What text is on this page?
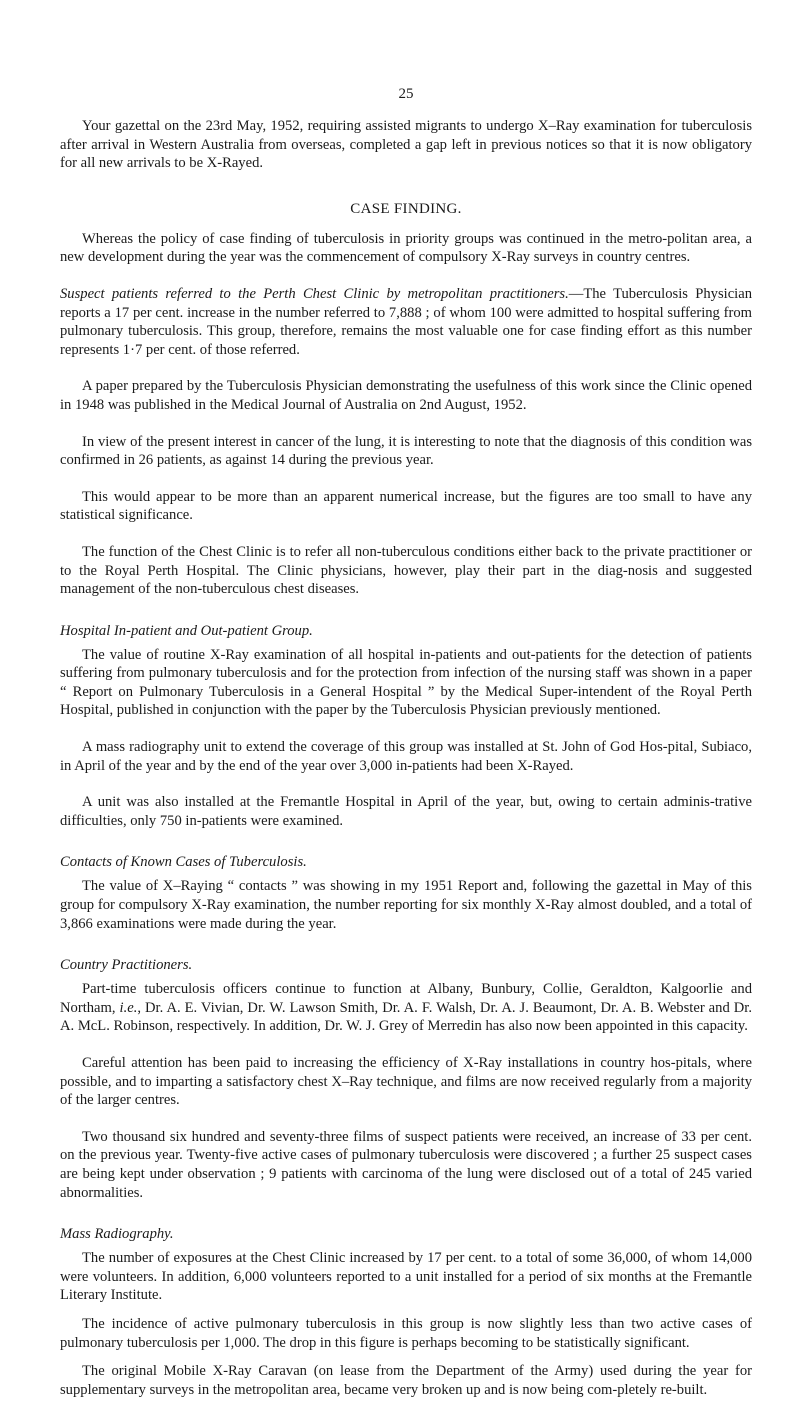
25

Your gazettal on the 23rd May, 1952, requiring assisted migrants to undergo X–Ray examination for tuberculosis after arrival in Western Australia from overseas, completed a gap left in previous notices so that it is now obligatory for all new arrivals to be X-Rayed.

CASE FINDING.

Whereas the policy of case finding of tuberculosis in priority groups was continued in the metro-politan area, a new development during the year was the commencement of compulsory X-Ray surveys in country centres.

Suspect patients referred to the Perth Chest Clinic by metropolitan practitioners.—The Tuberculosis Physician reports a 17 per cent. increase in the number referred to 7,888 ; of whom 100 were admitted to hospital suffering from pulmonary tuberculosis. This group, therefore, remains the most valuable one for case finding effort as this number represents 1·7 per cent. of those referred.

A paper prepared by the Tuberculosis Physician demonstrating the usefulness of this work since the Clinic opened in 1948 was published in the Medical Journal of Australia on 2nd August, 1952.

In view of the present interest in cancer of the lung, it is interesting to note that the diagnosis of this condition was confirmed in 26 patients, as against 14 during the previous year.

This would appear to be more than an apparent numerical increase, but the figures are too small to have any statistical significance.

The function of the Chest Clinic is to refer all non-tuberculous conditions either back to the private practitioner or to the Royal Perth Hospital. The Clinic physicians, however, play their part in the diag-nosis and suggested management of the non-tuberculous chest diseases.

Hospital In-patient and Out-patient Group.

The value of routine X-Ray examination of all hospital in-patients and out-patients for the detection of patients suffering from pulmonary tuberculosis and for the protection from infection of the nursing staff was shown in a paper “ Report on Pulmonary Tuberculosis in a General Hospital ” by the Medical Super-intendent of the Royal Perth Hospital, published in conjunction with the paper by the Tuberculosis Physician previously mentioned.

A mass radiography unit to extend the coverage of this group was installed at St. John of God Hos-pital, Subiaco, in April of the year and by the end of the year over 3,000 in-patients had been X-Rayed.

A unit was also installed at the Fremantle Hospital in April of the year, but, owing to certain adminis-trative difficulties, only 750 in-patients were examined.

Contacts of Known Cases of Tuberculosis.

The value of X–Raying “ contacts ” was showing in my 1951 Report and, following the gazettal in May of this group for compulsory X-Ray examination, the number reporting for six monthly X-Ray almost doubled, and a total of 3,866 examinations were made during the year.

Country Practitioners.

Part-time tuberculosis officers continue to function at Albany, Bunbury, Collie, Geraldton, Kalgoorlie and Northam, i.e., Dr. A. E. Vivian, Dr. W. Lawson Smith, Dr. A. F. Walsh, Dr. A. J. Beaumont, Dr. A. B. Webster and Dr. A. McL. Robinson, respectively. In addition, Dr. W. J. Grey of Merredin has also now been appointed in this capacity.

Careful attention has been paid to increasing the efficiency of X-Ray installations in country hos-pitals, where possible, and to imparting a satisfactory chest X–Ray technique, and films are now received regularly from a majority of the larger centres.

Two thousand six hundred and seventy-three films of suspect patients were received, an increase of 33 per cent. on the previous year. Twenty-five active cases of pulmonary tuberculosis were discovered ; a further 25 suspect cases are being kept under observation ; 9 patients with carcinoma of the lung were disclosed out of a total of 245 varied abnormalities.

Mass Radiography.

The number of exposures at the Chest Clinic increased by 17 per cent. to a total of some 36,000, of whom 14,000 were volunteers. In addition, 6,000 volunteers reported to a unit installed for a period of six months at the Fremantle Literary Institute.

The incidence of active pulmonary tuberculosis in this group is now slightly less than two active cases of pulmonary tuberculosis per 1,000. The drop in this figure is perhaps becoming to be statistically significant.

The original Mobile X-Ray Caravan (on lease from the Department of the Army) used during the year for supplementary surveys in the metropolitan area, became very broken up and is now being com-pletely re-built.
